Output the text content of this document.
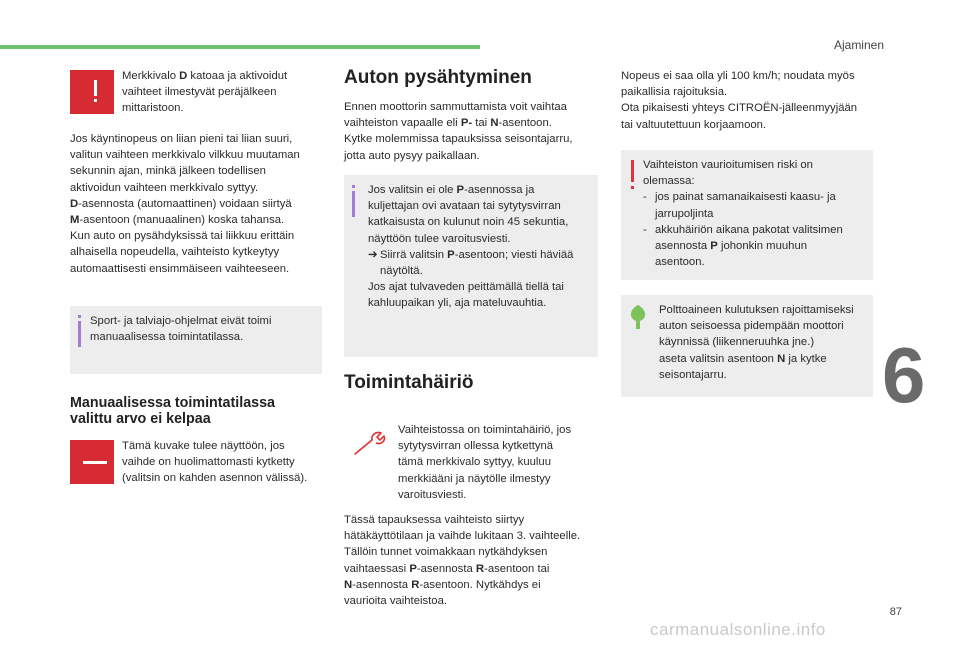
Ajaminen
87
6
Merkkivalo D katoaa ja aktivoidut vaihteet ilmestyvät peräjälkeen mittaristoon.

Jos käyntinopeus on liian pieni tai liian suuri,

valitun vaihteen merkkivalo vilkkuu muutaman

sekunnin ajan, minkä jälkeen todellisen

aktivoidun vaihteen merkkivalo syttyy.

D-asennosta (automaattinen) voidaan siirtyä

M-asentoon (manuaalinen) koska tahansa.

Kun auto on pysähdyksissä tai liikkuu erittäin

alhaisella nopeudella, vaihteisto kytkeytyy

automaattisesti ensimmäiseen vaihteeseen.

Sport- ja talviajo-ohjelmat eivät toimi

manuaalisessa toimintatilassa.

Manuaalisessa toimintatilassa
valittu arvo ei kelpaa

Tämä kuvake tulee näyttöön, jos

vaihde on huolimattomasti kytketty

(valitsin on kahden asennon välissä).

Auton pysähtyminen

Ennen moottorin sammuttamista voit vaihtaa

vaihteiston vapaalle eli P- tai N-asentoon.

Kytke molemmissa tapauksissa seisontajarru,

jotta auto pysyy paikallaan.

Jos valitsin ei ole P-asennossa ja

kuljettajan ovi avataan tai sytytysvirran

katkaisusta on kulunut noin 45 sekuntia,

näyttöön tulee varoitusviesti.

➔ Siirrä valitsin P-asentoon; viesti häviää

näytöltä.

Jos ajat tulvaveden peittämällä tiellä tai

kahluupaikan yli, aja mateluvauhtia.

Toimintahäiriö

Vaihteistossa on toimintahäiriö, jos

sytytysvirran ollessa kytkettynä

tämä merkkivalo syttyy, kuuluu

merkkiääni ja näytölle ilmestyy

varoitusviesti.

Tässä tapauksessa vaihteisto siirtyy

hätäkäyttötilaan ja vaihde lukitaan 3. vaihteelle.

Tällöin tunnet voimakkaan nytkähdyksen

vaihtaessasi P-asennosta R-asentoon tai

N-asennosta R-asentoon. Nytkähdys ei

vaurioita vaihteistoa.

Nopeus ei saa olla yli 100 km/h; noudata myös

paikallisia rajoituksia.

Ota pikaisesti yhteys CITROËN-jälleenmyyjään

tai valtuutettuun korjaamoon.

Vaihteiston vaurioitumisen riski on

olemassa:

- jos painat samanaikaisesti kaasu- ja

jarrupoljinta

- akkuhäiriön aikana pakotat valitsimen

asennosta P johonkin muuhun

asentoon.

Polttoaineen kulutuksen rajoittamiseksi

auton seisoessa pidempään moottori

käynnissä (liikenneruuhka jne.)

aseta valitsin asentoon N ja kytke

seisontajarru.

carmanualsonline.info
